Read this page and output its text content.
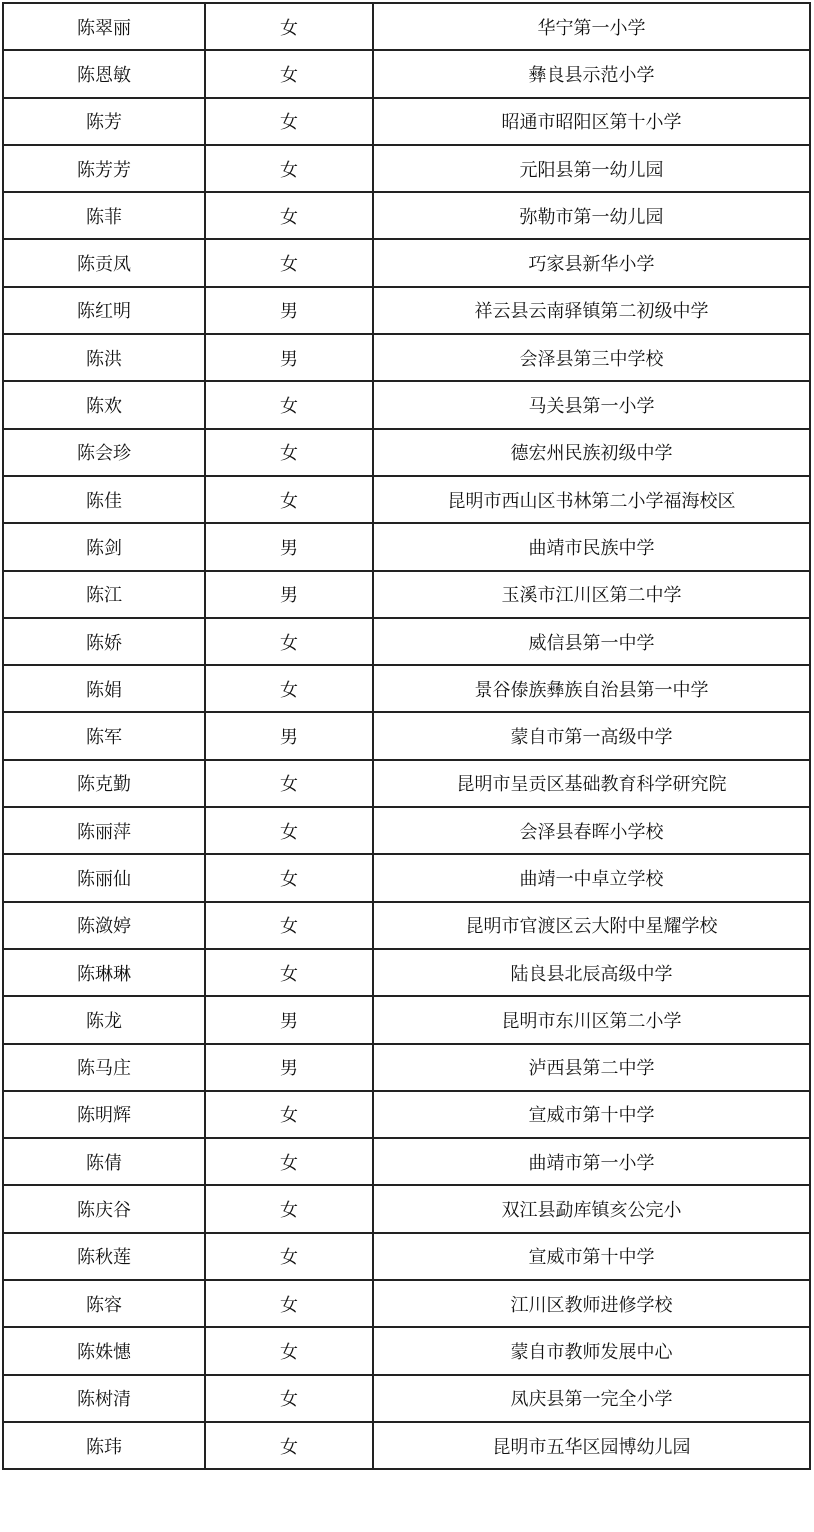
陈翠丽	女	华宁第一小学
陈恩敏	女	彝良县示范小学
陈芳	女	昭通市昭阳区第十小学
陈芳芳	女	元阳县第一幼儿园
陈菲	女	弥勒市第一幼儿园
陈贡凤	女	巧家县新华小学
陈红明	男	祥云县云南驿镇第二初级中学
陈洪	男	会泽县第三中学校
陈欢	女	马关县第一小学
陈会珍	女	德宏州民族初级中学
陈佳	女	昆明市西山区书林第二小学福海校区
陈剑	男	曲靖市民族中学
陈江	男	玉溪市江川区第二中学
陈娇	女	威信县第一中学
陈娟	女	景谷傣族彝族自治县第一中学
陈军	男	蒙自市第一高级中学
陈克勤	女	昆明市呈贡区基础教育科学研究院
陈丽萍	女	会泽县春晖小学校
陈丽仙	女	曲靖一中卓立学校
陈潋婷	女	昆明市官渡区云大附中星耀学校
陈琳琳	女	陆良县北辰高级中学
陈龙	男	昆明市东川区第二小学
陈马庄	男	泸西县第二中学
陈明辉	女	宣威市第十中学
陈倩	女	曲靖市第一小学
陈庆谷	女	双江县勐库镇亥公完小
陈秋莲	女	宣威市第十中学
陈容	女	江川区教师进修学校
陈姝憓	女	蒙自市教师发展中心
陈树清	女	凤庆县第一完全小学
陈玮	女	昆明市五华区园博幼儿园
